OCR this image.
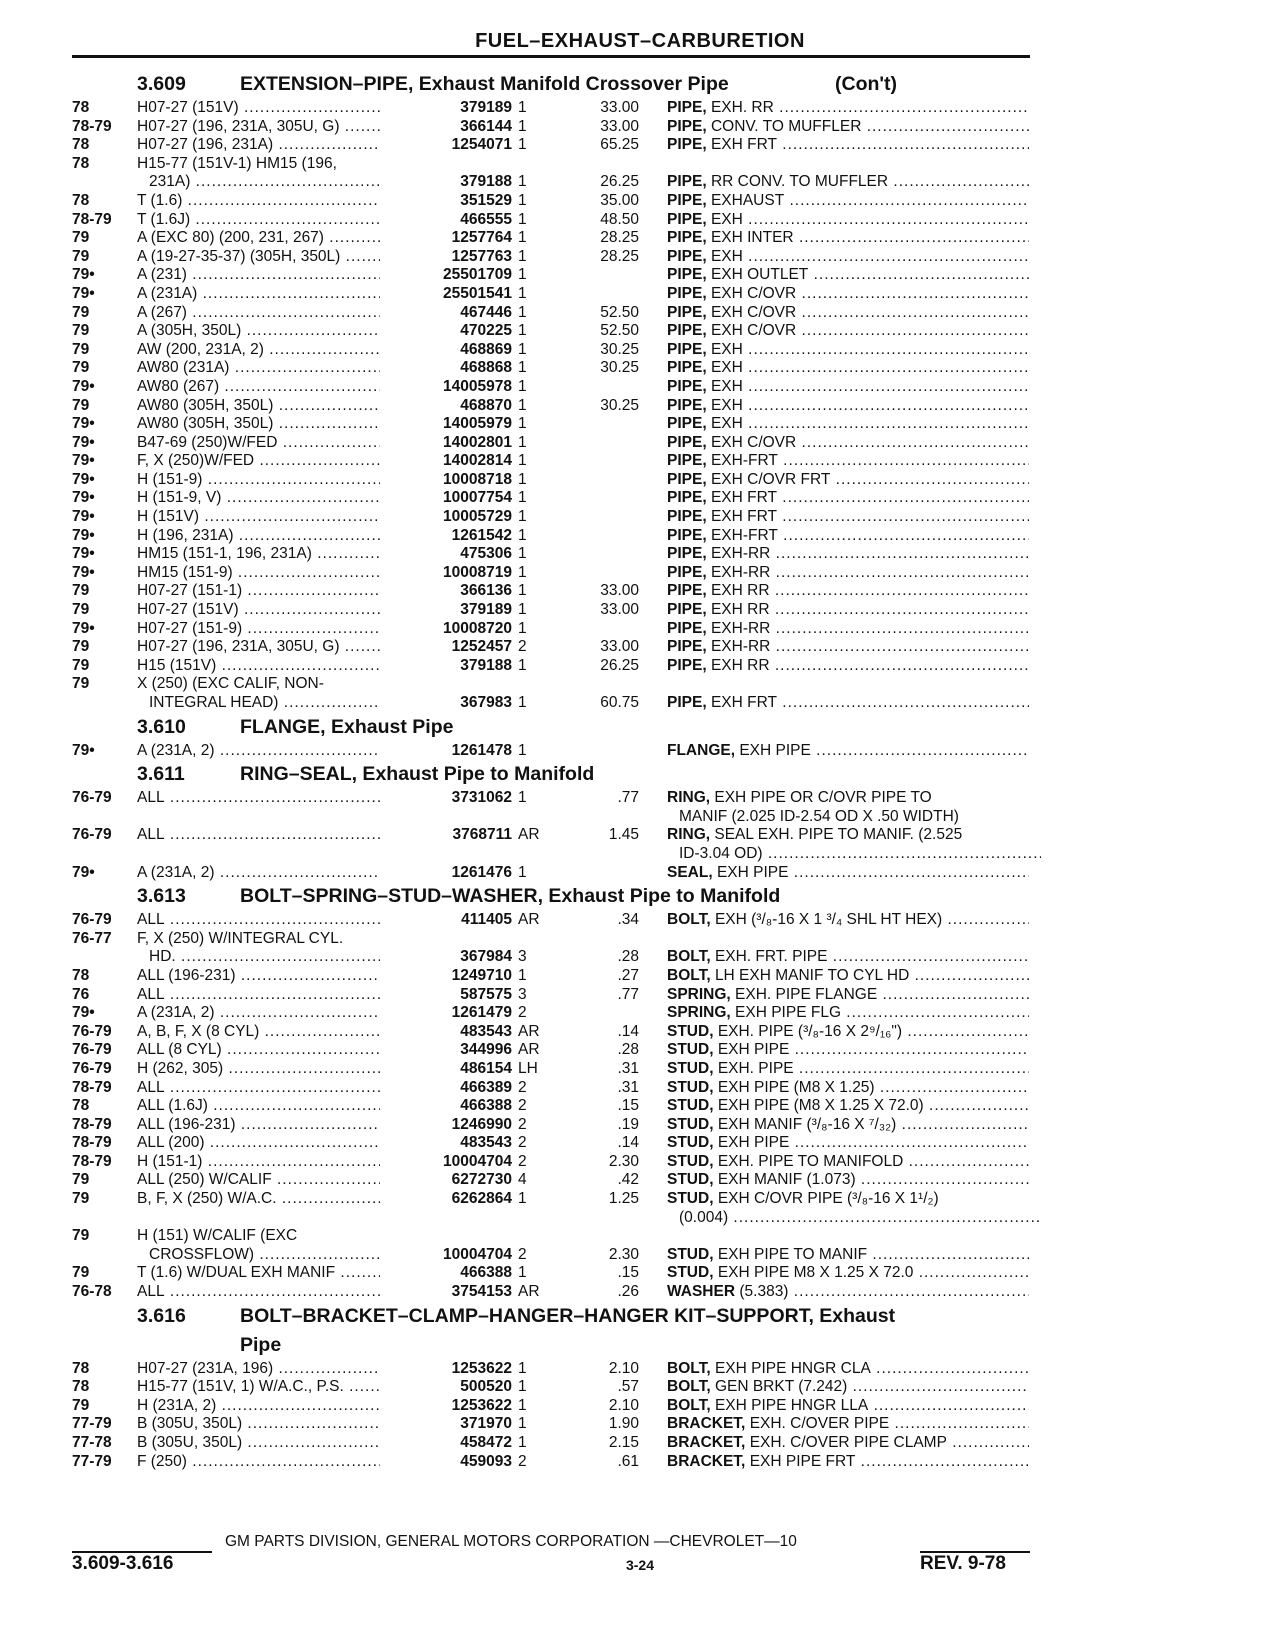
FUEL–EXHAUST–CARBURETION
3.609	EXTENSION–PIPE, Exhaust Manifold Crossover Pipe	(Con't)
78	H07-27 (151V) .....	379189 1	33.00 PIPE, EXH. RR .....
78-79	H07-27 (196, 231A, 305U, G) .....	366144 1	33.00 PIPE, CONV. TO MUFFLER .....
78	H07-27 (196, 231A) .....	1254071 1	65.25 PIPE, EXH FRT .....
78	H15-77 (151V-1) HM15 (196,
231A) .....	379188 1	26.25 PIPE, RR CONV. TO MUFFLER .....
78	T (1.6) .....	351529 1	35.00 PIPE, EXHAUST .....
78-79	T (1.6J) .....	466555 1	48.50 PIPE, EXH .....
79	A (EXC 80) (200, 231, 267) .....	1257764 1	28.25 PIPE, EXH INTER .....
79	A (19-27-35-37) (305H, 350L) .....	1257763 1	28.25 PIPE, EXH .....
79•	A (231) .....	25501709 1	PIPE, EXH OUTLET .....
79•	A (231A) .....	25501541 1	PIPE, EXH C/OVR .....
79	A (267) .....	467446 1	52.50 PIPE, EXH C/OVR .....
79	A (305H, 350L) .....	470225 1	52.50 PIPE, EXH C/OVR .....
79	AW (200, 231A, 2) .....	468869 1	30.25 PIPE, EXH .....
79	AW80 (231A) .....	468868 1	30.25 PIPE, EXH .....
79•	AW80 (267) .....	14005978 1	PIPE, EXH .....
79	AW80 (305H, 350L) .....	468870 1	30.25 PIPE, EXH .....
79•	AW80 (305H, 350L) .....	14005979 1	PIPE, EXH .....
79•	B47-69 (250)W/FED .....	14002801 1	PIPE, EXH C/OVR .....
79•	F, X (250)W/FED .....	14002814 1	PIPE, EXH-FRT .....
79•	H (151-9) .....	10008718 1	PIPE, EXH C/OVR FRT .....
79•	H (151-9, V) .....	10007754 1	PIPE, EXH FRT .....
79•	H (151V) .....	10005729 1	PIPE, EXH FRT .....
79•	H (196, 231A) .....	1261542 1	PIPE, EXH-FRT .....
79•	HM15 (151-1, 196, 231A) .....	475306 1	PIPE, EXH-RR .....
79•	HM15 (151-9) .....	10008719 1	PIPE, EXH-RR .....
79	H07-27 (151-1) .....	366136 1	33.00 PIPE, EXH RR .....
79	H07-27 (151V) .....	379189 1	33.00 PIPE, EXH RR .....
79•	H07-27 (151-9) .....	10008720 1	PIPE, EXH-RR .....
79	H07-27 (196, 231A, 305U, G) .....	1252457 2	33.00 PIPE, EXH-RR .....
79	H15 (151V) .....	379188 1	26.25 PIPE, EXH RR .....
79	X (250) (EXC CALIF, NON-
INTEGRAL HEAD) .....	367983 1	60.75 PIPE, EXH FRT .....
3.610	FLANGE, Exhaust Pipe
79•	A (231A, 2) .....	1261478 1	FLANGE, EXH PIPE .....
3.611	RING–SEAL, Exhaust Pipe to Manifold
76-79	ALL .....	3731062 1	.77 RING, EXH PIPE OR C/OVR PIPE TO
MANIF (2.025 ID-2.54 OD X .50 WIDTH)
76-79	ALL .....	3768711 AR	1.45 RING, SEAL EXH. PIPE TO MANIF. (2.525
ID-3.04 OD) .....
79•	A (231A, 2) .....	1261476 1	SEAL, EXH PIPE .....
3.613	BOLT–SPRING–STUD–WASHER, Exhaust Pipe to Manifold
76-79	ALL .....	411405 AR	.34 BOLT, EXH (³/₈-16 X 1 ³/₄ SHL HT HEX) .....
76-77	F, X (250) W/INTEGRAL CYL.
HD. .....	367984 3	.28 BOLT, EXH. FRT. PIPE .....
78	ALL (196-231) .....	1249710 1	.27 BOLT, LH EXH MANIF TO CYL HD .....
76	ALL .....	587575 3	.77 SPRING, EXH. PIPE FLANGE .....
79•	A (231A, 2) .....	1261479 2	SPRING, EXH PIPE FLG .....
76-79	A, B, F, X (8 CYL) .....	483543 AR	.14 STUD, EXH. PIPE (³/₈-16 X 2⁹/₁₆") .....
76-79	ALL (8 CYL) .....	344996 AR	.28 STUD, EXH PIPE .....
76-79	H (262, 305) .....	486154 LH	.31 STUD, EXH. PIPE .....
78-79	ALL .....	466389 2	.31 STUD, EXH PIPE (M8 X 1.25) .....
78	ALL (1.6J) .....	466388 2	.15 STUD, EXH PIPE (M8 X 1.25 X 72.0) .....
78-79	ALL (196-231) .....	1246990 2	.19 STUD, EXH MANIF (³/₈-16 X ⁷/₃₂) .....
78-79	ALL (200) .....	483543 2	.14 STUD, EXH PIPE .....
78-79	H (151-1) .....	10004704 2	2.30 STUD, EXH. PIPE TO MANIFOLD .....
79	ALL (250) W/CALIF .....	6272730 4	.42 STUD, EXH MANIF (1.073) .....
79	B, F, X (250) W/A.C. .....	6262864 1	1.25 STUD, EXH C/OVR PIPE (³/₈-16 X 1¹/₂)
(0.004) .....
79	H (151) W/CALIF (EXC
CROSSFLOW) .....	10004704 2	2.30 STUD, EXH PIPE TO MANIF .....
79	T (1.6) W/DUAL EXH MANIF .....	466388 1	.15 STUD, EXH PIPE M8 X 1.25 X 72.0 .....
76-78	ALL .....	3754153 AR	.26 WASHER (5.383) .....
3.616	BOLT–BRACKET–CLAMP–HANGER–HANGER KIT–SUPPORT, Exhaust
Pipe
78	H07-27 (231A, 196) .....	1253622 1	2.10 BOLT, EXH PIPE HNGR CLA .....
78	H15-77 (151V, 1) W/A.C., P.S. .....	500520 1	.57 BOLT, GEN BRKT (7.242) .....
79	H (231A, 2) .....	1253622 1	2.10 BOLT, EXH PIPE HNGR LLA .....
77-79	B (305U, 350L) .....	371970 1	1.90 BRACKET, EXH. C/OVER PIPE .....
77-78	B (305U, 350L) .....	458472 1	2.15 BRACKET, EXH. C/OVER PIPE CLAMP .....
77-79	F (250) .....	459093 2	.61 BRACKET, EXH PIPE FRT .....
GM PARTS DIVISION, GENERAL MOTORS CORPORATION —CHEVROLET—10
3.609-3.616	3-24	REV. 9-78
